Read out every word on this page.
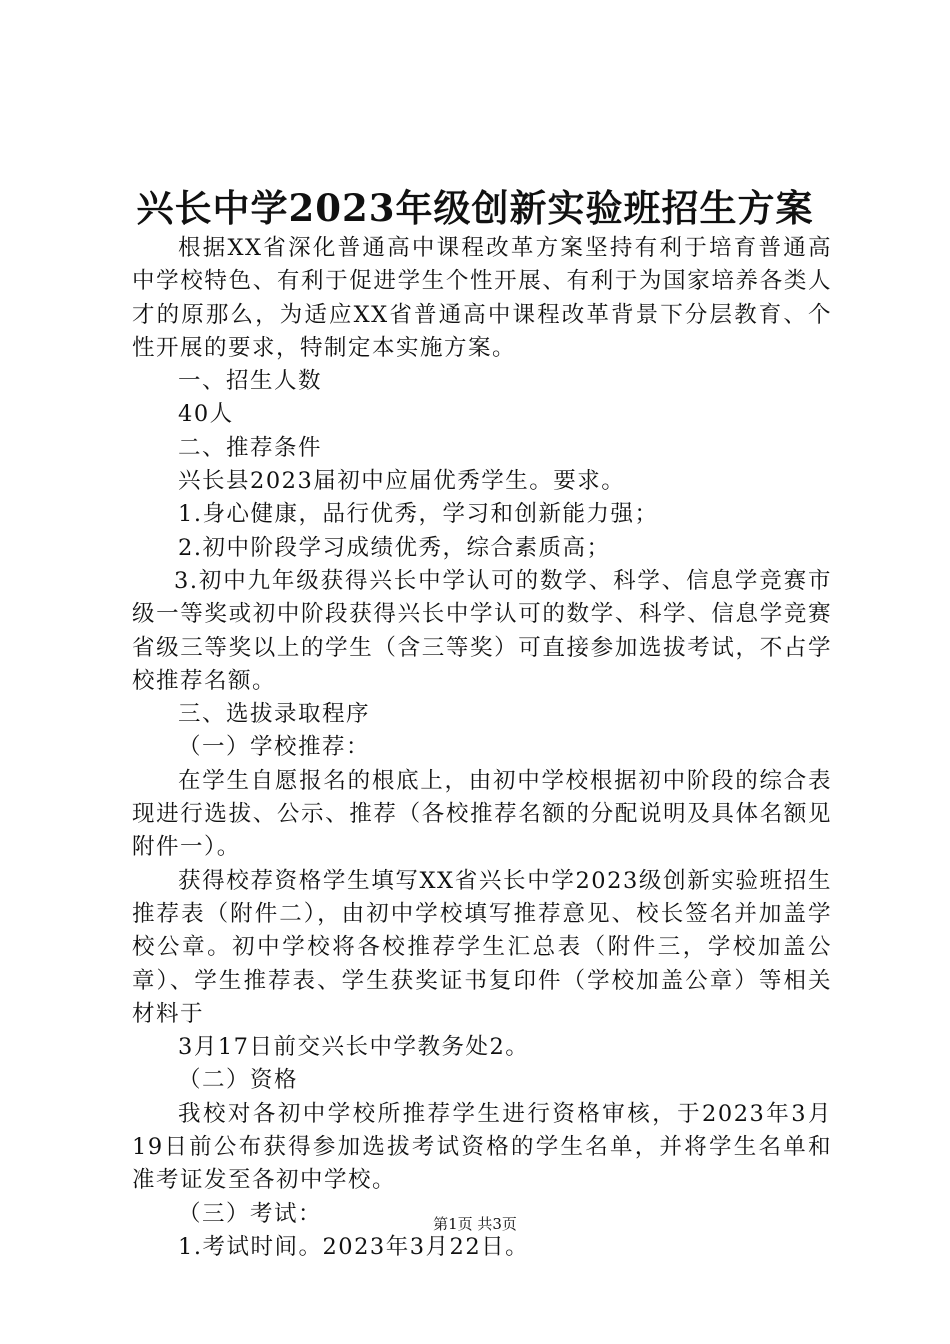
兴长中学2023年级创新实验班招生方案

根据XX省深化普通高中课程改革方案坚持有利于培育普通高中学校特色、有利于促进学生个性开展、有利于为国家培养各类人才的原那么，为适应XX省普通高中课程改革背景下分层教育、个性开展的要求，特制定本实施方案。

一、招生人数

40人

二、推荐条件

兴长县2023届初中应届优秀学生。要求。

1.身心健康，品行优秀，学习和创新能力强；

2.初中阶段学习成绩优秀，综合素质高；

3.初中九年级获得兴长中学认可的数学、科学、信息学竞赛市级一等奖或初中阶段获得兴长中学认可的数学、科学、信息学竞赛省级三等奖以上的学生（含三等奖）可直接参加选拔考试，不占学校推荐名额。

三、选拔录取程序

（一）学校推荐：

在学生自愿报名的根底上，由初中学校根据初中阶段的综合表现进行选拔、公示、推荐（各校推荐名额的分配说明及具体名额见附件一）。

获得校荐资格学生填写XX省兴长中学2023级创新实验班招生推荐表（附件二），由初中学校填写推荐意见、校长签名并加盖学校公章。初中学校将各校推荐学生汇总表（附件三，学校加盖公章）、学生推荐表、学生获奖证书复印件（学校加盖公章）等相关材料于

3月17日前交兴长中学教务处2。

（二）资格

我校对各初中学校所推荐学生进行资格审核，于2023年3月19日前公布获得参加选拔考试资格的学生名单，并将学生名单和准考证发至各初中学校。

（三）考试：

1.考试时间。2023年3月22日。

第1页 共3页
